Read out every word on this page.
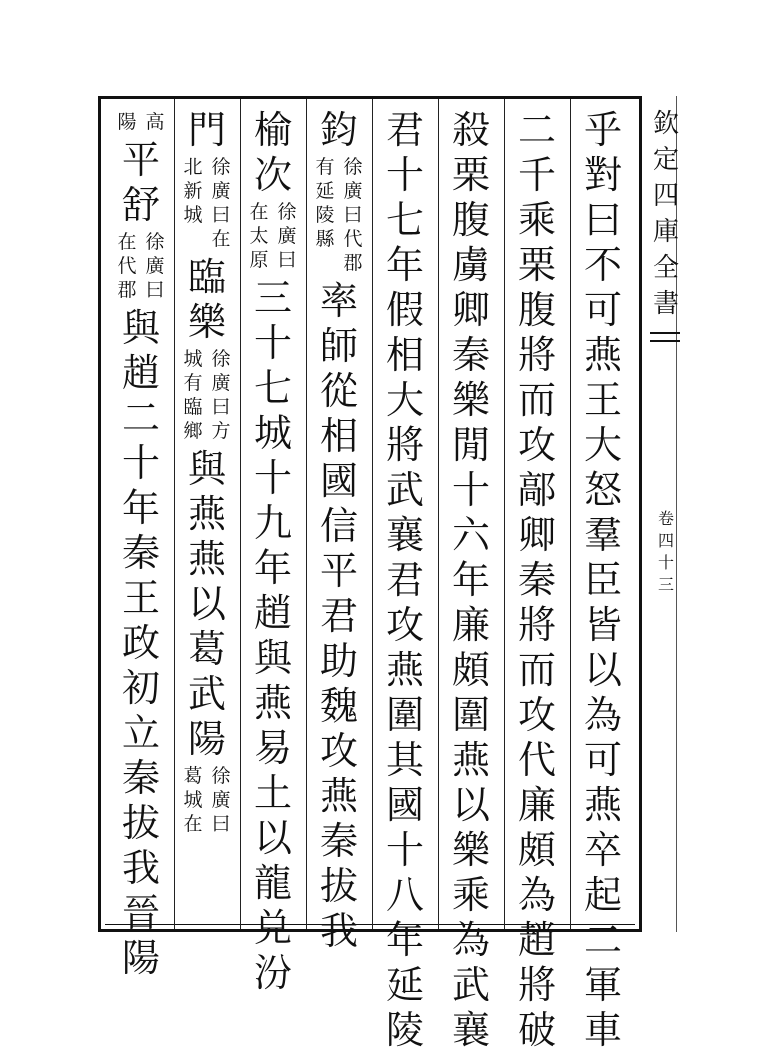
欽
定
四
庫
全
書
卷
四
十
三
乎
對
曰
不
可
燕
王
大
怒
羣
臣
皆
以
為
可
燕
卒
起
二
軍
車
二
千
乘
栗
腹
將
而
攻
鄗
卿
秦
將
而
攻
代
廉
頗
為
趙
將
破
殺
栗
腹
虜
卿
秦
樂
閒
十
六
年
廉
頗
圍
燕
以
樂
乘
為
武
襄
君
十
七
年
假
相
大
將
武
襄
君
攻
燕
圍
其
國
十
八
年
延
陵
鈞
徐
廣
曰
代
郡
有
延
陵
縣
率
師
從
相
國
信
平
君
助
魏
攻
燕
秦
拔
我
榆
次
徐
廣
曰
在
太
原
三
十
七
城
十
九
年
趙
與
燕
易
土
以
龍
兑
汾
門
徐
廣
曰
在
北
新
城
臨
樂
徐
廣
曰
方
城
有
臨
鄉
與
燕
燕
以
葛
武
陽
徐
廣
曰
葛
城
在
高
陽
平
舒
徐
廣
曰
在
代
郡
與
趙
二
十
年
秦
王
政
初
立
秦
拔
我
晉
陽
